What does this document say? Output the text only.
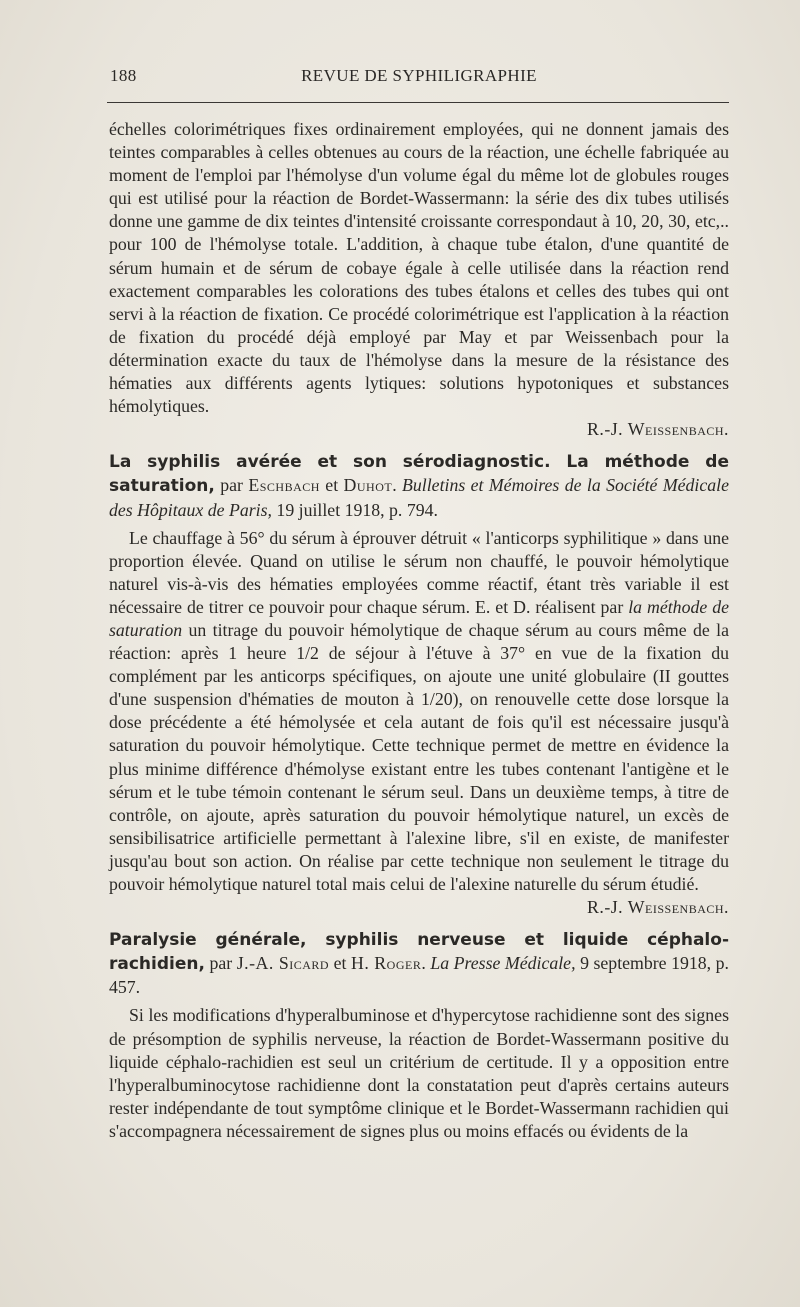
188	REVUE DE SYPHILIGRAPHIE

échelles colorimétriques fixes ordinairement employées, qui ne donnent jamais des teintes comparables à celles obtenues au cours de la réaction, une échelle fabriquée au moment de l'emploi par l'hémolyse d'un volume égal du même lot de globules rouges qui est utilisé pour la réaction de Bordet-Wassermann: la série des dix tubes utilisés donne une gamme de dix teintes d'intensité croissante correspondaut à 10, 20, 30, etc,.. pour 100 de l'hémolyse totale. L'addition, à chaque tube étalon, d'une quantité de sérum humain et de sérum de cobaye égale à celle utilisée dans la réaction rend exactement comparables les colorations des tubes étalons et celles des tubes qui ont servi à la réaction de fixation. Ce procédé colorimétrique est l'application à la réaction de fixation du procédé déjà employé par May et par Weissenbach pour la détermination exacte du taux de l'hémolyse dans la mesure de la résistance des hématies aux différents agents lytiques: solutions hypotoniques et substances hémolytiques.

R.-J. Weissenbach.

La syphilis avérée et son sérodiagnostic. La méthode de saturation, par Eschbach et Duhot. Bulletins et Mémoires de la Société Médicale des Hôpitaux de Paris, 19 juillet 1918, p. 794.

Le chauffage à 56° du sérum à éprouver détruit « l'anticorps syphilitique » dans une proportion élevée. Quand on utilise le sérum non chauffé, le pouvoir hémolytique naturel vis-à-vis des hématies employées comme réactif, étant très variable il est nécessaire de titrer ce pouvoir pour chaque sérum. E. et D. réalisent par la méthode de saturation un titrage du pouvoir hémolytique de chaque sérum au cours même de la réaction: après 1 heure 1/2 de séjour à l'étuve à 37° en vue de la fixation du complément par les anticorps spécifiques, on ajoute une unité globulaire (II gouttes d'une suspension d'hématies de mouton à 1/20), on renouvelle cette dose lorsque la dose précédente a été hémolysée et cela autant de fois qu'il est nécessaire jusqu'à saturation du pouvoir hémolytique. Cette technique permet de mettre en évidence la plus minime différence d'hémolyse existant entre les tubes contenant l'antigène et le sérum et le tube témoin contenant le sérum seul. Dans un deuxième temps, à titre de contrôle, on ajoute, après saturation du pouvoir hémolytique naturel, un excès de sensibilisatrice artificielle permettant à l'alexine libre, s'il en existe, de manifester jusqu'au bout son action. On réalise par cette technique non seulement le titrage du pouvoir hémolytique naturel total mais celui de l'alexine naturelle du sérum étudié.

R.-J. Weissenbach.

Paralysie générale, syphilis nerveuse et liquide céphalo-rachidien, par J.-A. Sicard et H. Roger. La Presse Médicale, 9 septembre 1918, p. 457.

Si les modifications d'hyperalbuminose et d'hypercytose rachidienne sont des signes de présomption de syphilis nerveuse, la réaction de Bordet-Wassermann positive du liquide céphalo-rachidien est seul un critérium de certitude. Il y a opposition entre l'hyperalbuminocytose rachidienne dont la constatation peut d'après certains auteurs rester indépendante de tout symptôme clinique et le Bordet-Wassermann rachidien qui s'accompagnera nécessairement de signes plus ou moins effacés ou évidents de la
